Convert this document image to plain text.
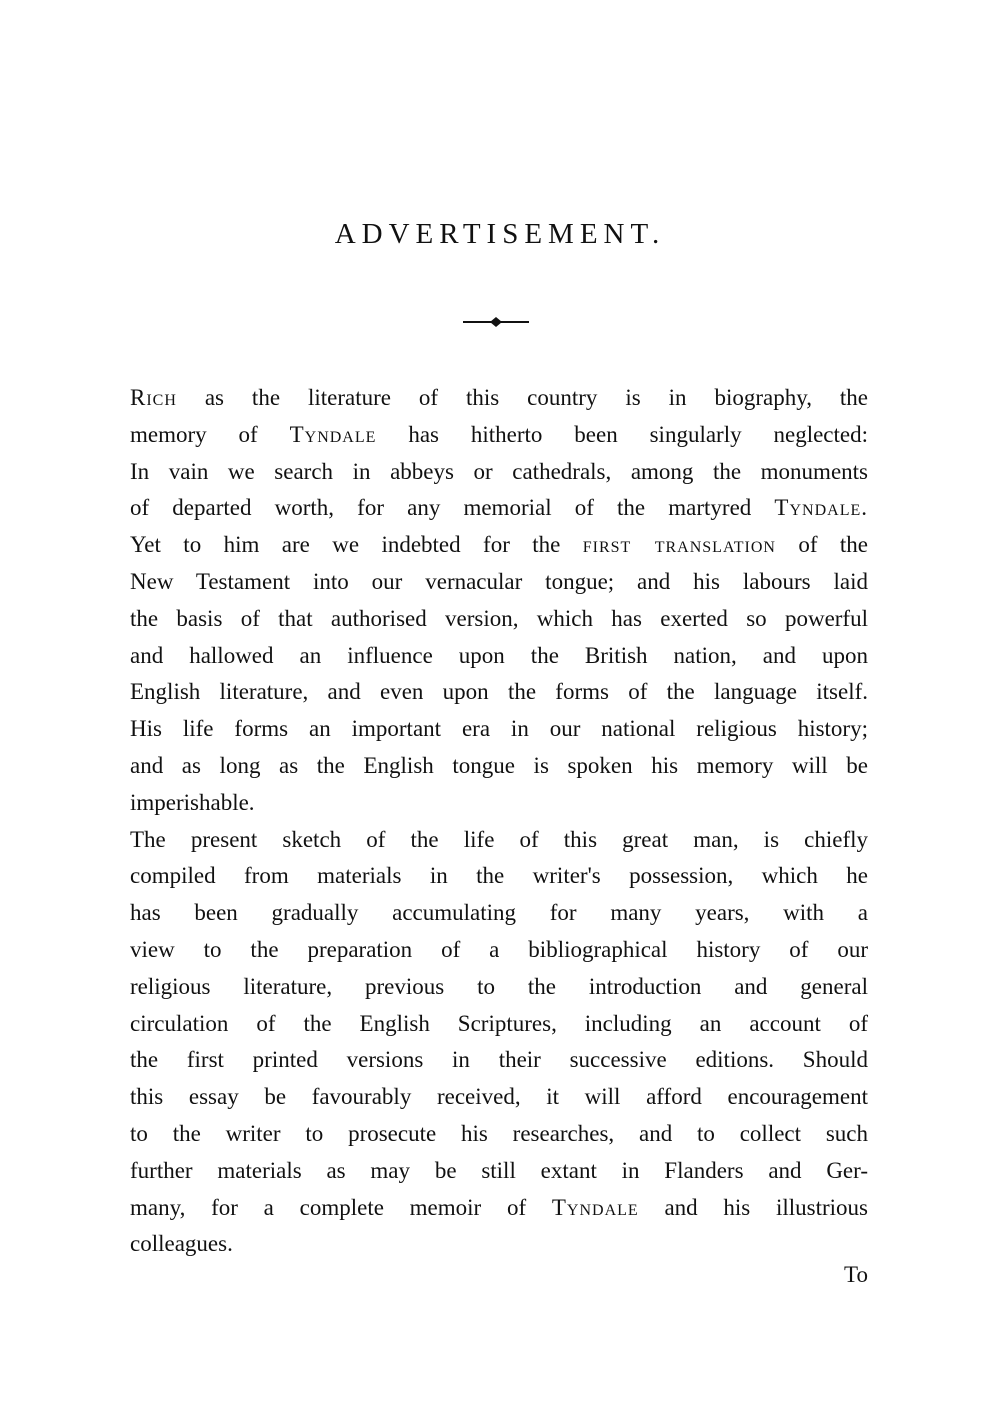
ADVERTISEMENT.
Rich as the literature of this country is in biography, the
memory of Tyndale has hitherto been singularly neglected:
In vain we search in abbeys or cathedrals, among the monuments
of departed worth, for any memorial of the martyred Tyndale.
Yet to him are we indebted for the first translation of the
New Testament into our vernacular tongue; and his labours laid
the basis of that authorised version, which has exerted so powerful
and hallowed an influence upon the British nation, and upon
English literature, and even upon the forms of the language itself.
His life forms an important era in our national religious history;
and as long as the English tongue is spoken his memory will be
imperishable.
The present sketch of the life of this great man, is chiefly
compiled from materials in the writer's possession, which he
has been gradually accumulating for many years, with a
view to the preparation of a bibliographical history of our
religious literature, previous to the introduction and general
circulation of the English Scriptures, including an account of
the first printed versions in their successive editions. Should
this essay be favourably received, it will afford encouragement
to the writer to prosecute his researches, and to collect such
further materials as may be still extant in Flanders and Ger-
many, for a complete memoir of Tyndale and his illustrious
colleagues.
To
